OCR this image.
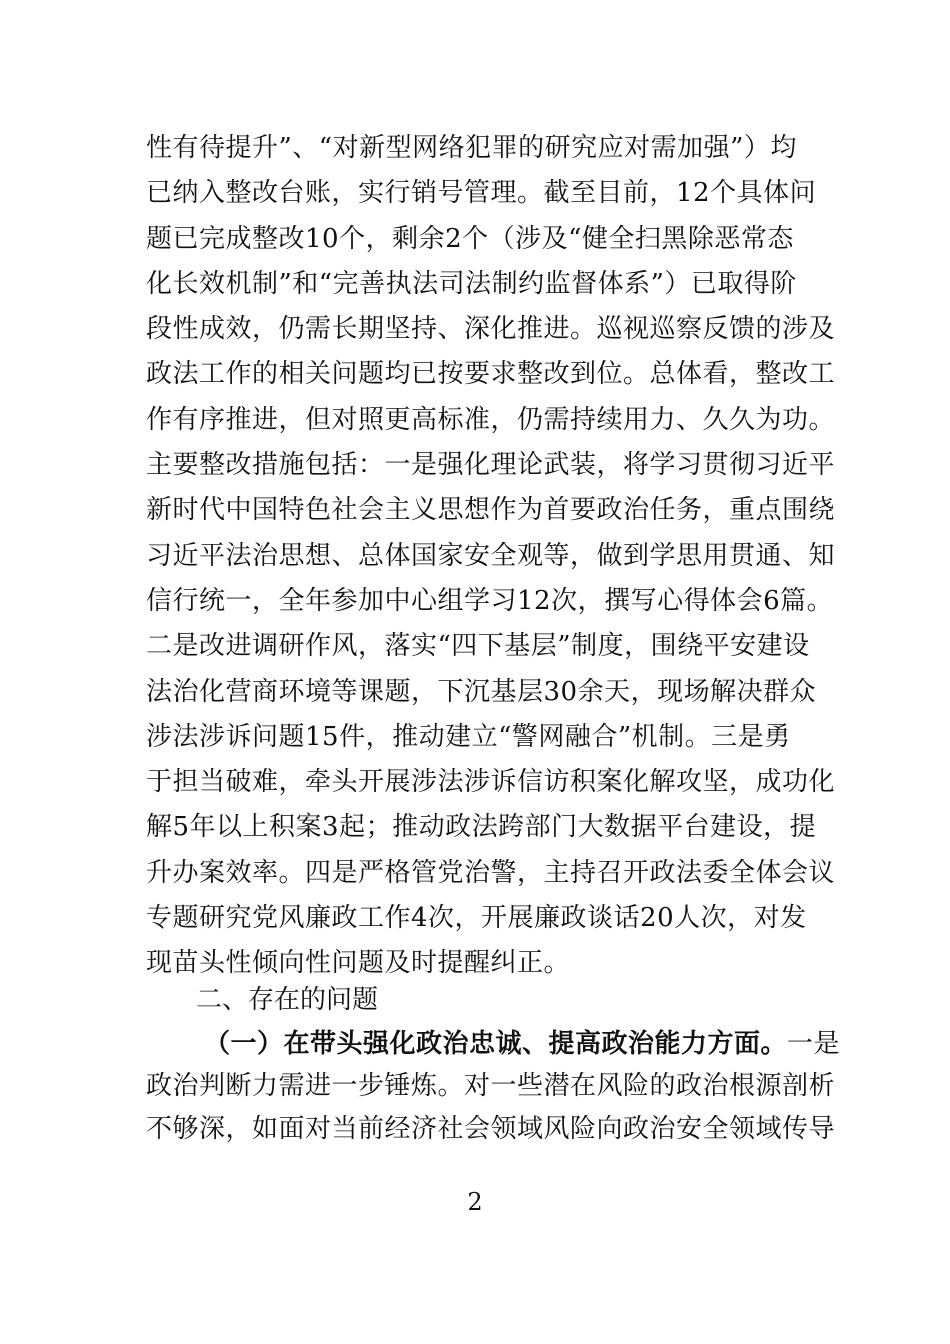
性有待提升”、“对新型网络犯罪的研究应对需加强”）均
已纳入整改台账，实行销号管理。截至目前，12个具体问
题已完成整改10个，剩余2个（涉及“健全扫黑除恶常态
化长效机制”和“完善执法司法制约监督体系”）已取得阶
段性成效，仍需长期坚持、深化推进。巡视巡察反馈的涉及
政法工作的相关问题均已按要求整改到位。总体看，整改工
作有序推进，但对照更高标准，仍需持续用力、久久为功。
主要整改措施包括：一是强化理论武装，将学习贯彻习近平
新时代中国特色社会主义思想作为首要政治任务，重点围绕
习近平法治思想、总体国家安全观等，做到学思用贯通、知
信行统一，全年参加中心组学习12次，撰写心得体会6篇。
二是改进调研作风，落实“四下基层”制度，围绕平安建设
法治化营商环境等课题，下沉基层30余天，现场解决群众
涉法涉诉问题15件，推动建立“警网融合”机制。三是勇
于担当破难，牵头开展涉法涉诉信访积案化解攻坚，成功化
解5年以上积案3起；推动政法跨部门大数据平台建设，提
升办案效率。四是严格管党治警，主持召开政法委全体会议
专题研究党风廉政工作4次，开展廉政谈话20人次，对发
现苗头性倾向性问题及时提醒纠正。
二、存在的问题
（一）在带头强化政治忠诚、提高政治能力方面。一是
政治判断力需进一步锤炼。对一些潜在风险的政治根源剖析
不够深，如面对当前经济社会领域风险向政治安全领域传导
2
